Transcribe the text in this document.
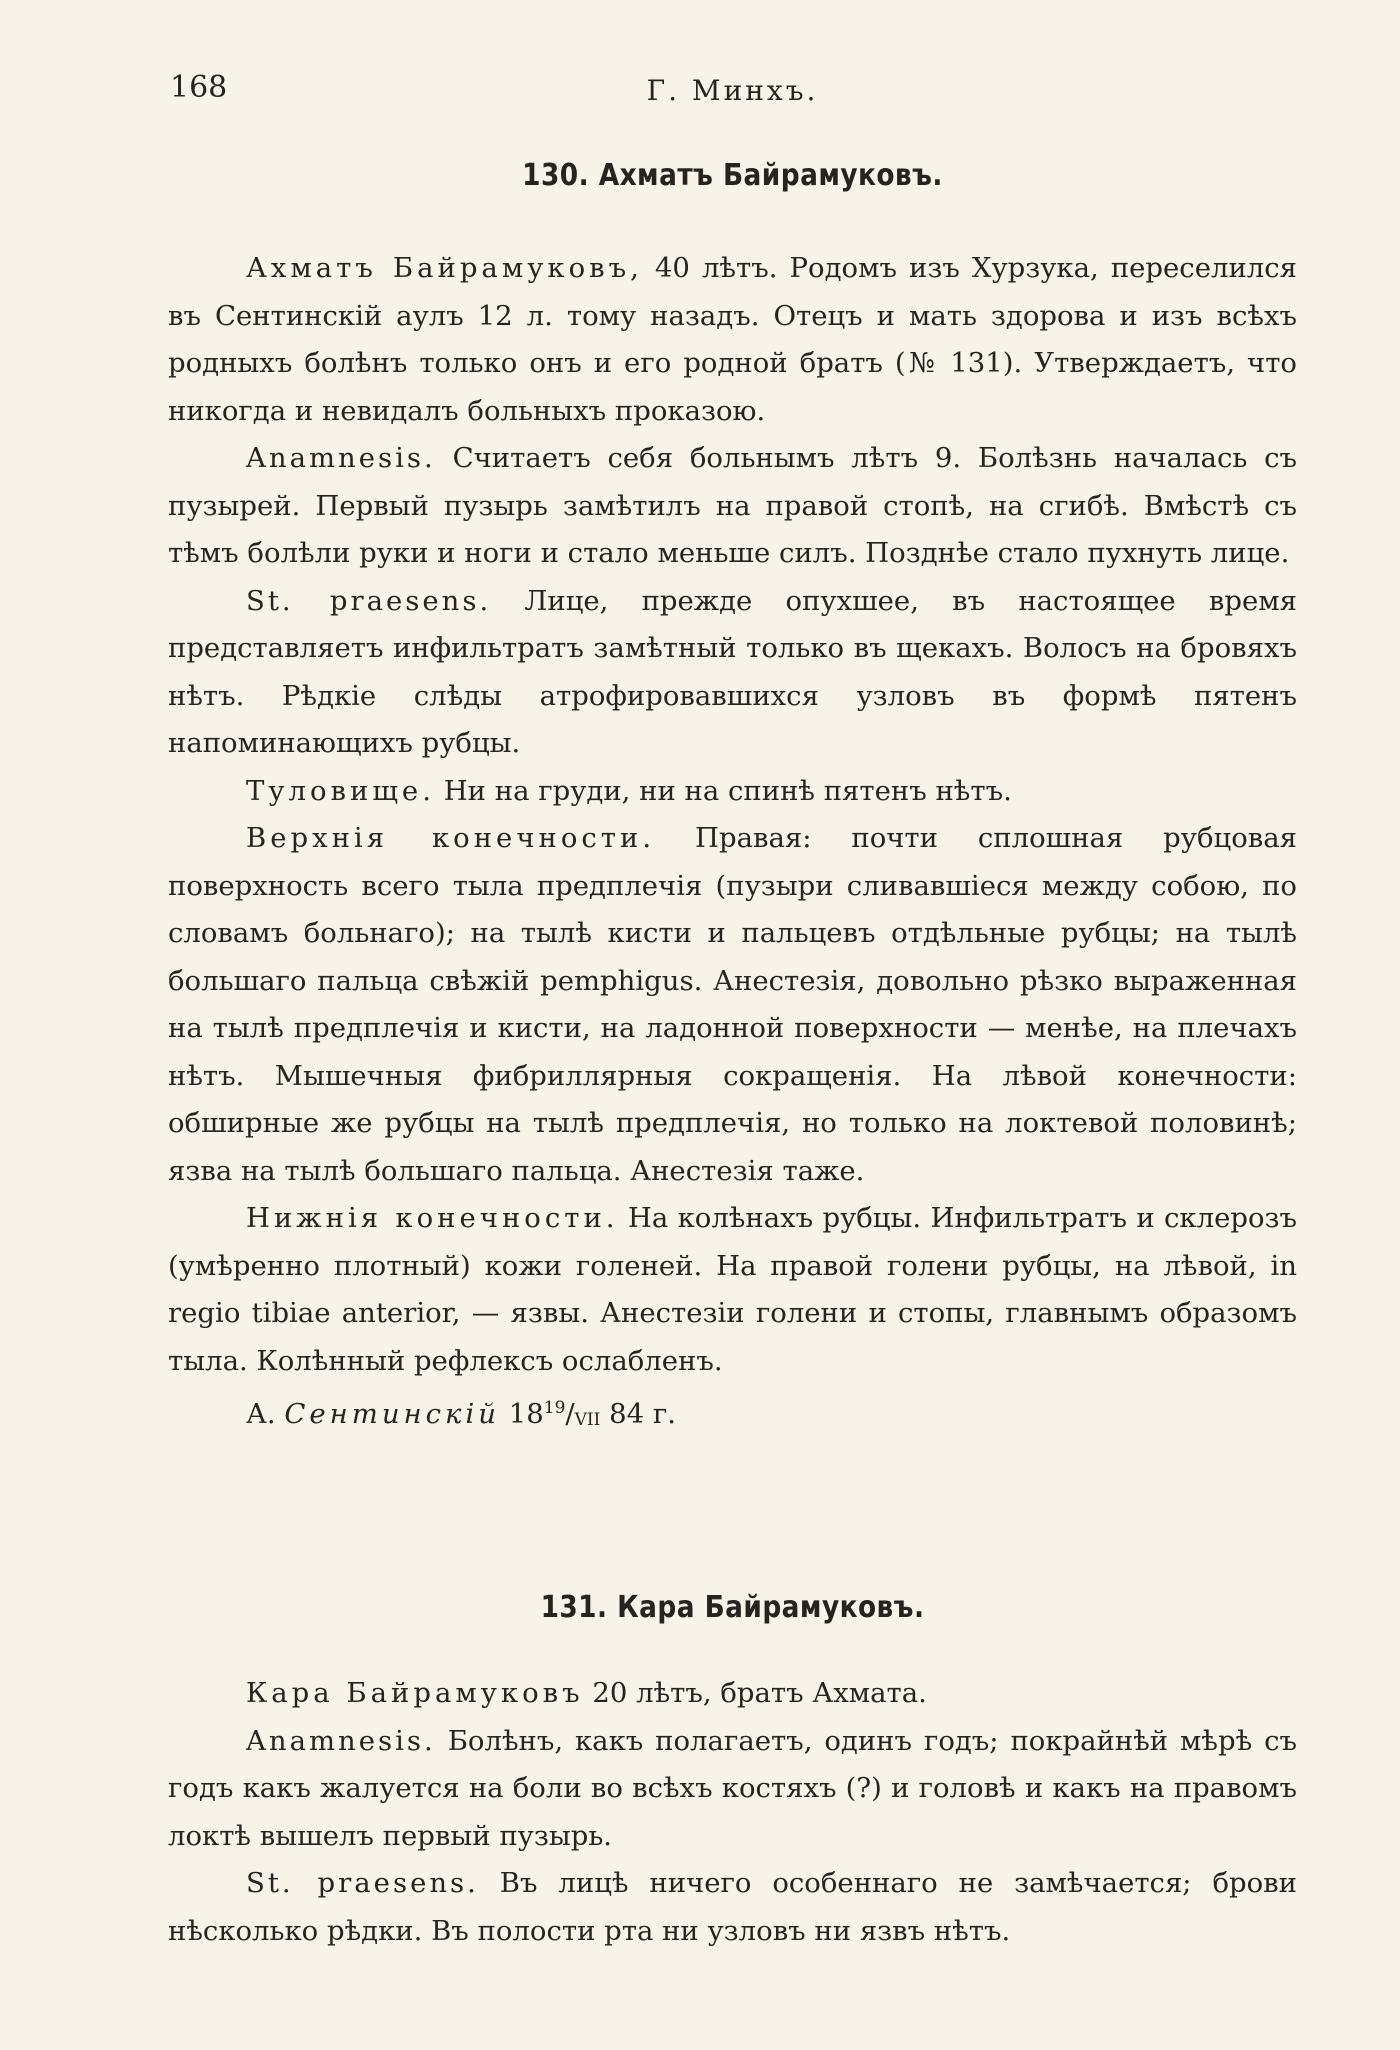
168	Г. Минхъ.
130. Ахматъ Байрамуковъ.

Ахматъ Байрамуковъ, 40 лѣтъ. Родомъ изъ Хурзука, переселился въ Сентинскій аулъ 12 л. тому назадъ. Отецъ и мать здорова и изъ всѣхъ родныхъ болѣнъ только онъ и его родной братъ (№ 131). Утверждаетъ, что никогда и невидалъ больныхъ проказою.

Anamnesis. Считаетъ себя больнымъ лѣтъ 9. Болѣзнь началась съ пузырей. Первый пузырь замѣтилъ на правой стопѣ, на сгибѣ. Вмѣстѣ съ тѣмъ болѣли руки и ноги и стало меньше силъ. Позднѣе стало пухнуть лице.

St. praesens. Лице, прежде опухшее, въ настоящее время представляетъ инфильтратъ замѣтный только въ щекахъ. Волосъ на бровяхъ нѣтъ. Рѣдкіе слѣды атрофировавшихся узловъ въ формѣ пятенъ напоминающихъ рубцы.

Туловище. Ни на груди, ни на спинѣ пятенъ нѣтъ.

Верхнія конечности. Правая: почти сплошная рубцовая поверхность всего тыла предплечія (пузыри сливавшіеся между собою, по словамъ больнаго); на тылѣ кисти и пальцевъ отдѣльные рубцы; на тылѣ большаго пальца свѣжій pemphigus. Анестезія, довольно рѣзко выраженная на тылѣ предплечія и кисти, на ладонной поверхности — менѣе, на плечахъ нѣтъ. Мышечныя фибриллярныя сокращенія. На лѣвой конечности: обширные же рубцы на тылѣ предплечія, но только на локтевой половинѣ; язва на тылѣ большаго пальца. Анестезія таже.

Нижнія конечности. На колѣнахъ рубцы. Инфильтратъ и склерозъ (умѣренно плотный) кожи голеней. На правой голени рубцы, на лѣвой, in regio tibiae anterior, — язвы. Анестезіи голени и стопы, главнымъ образомъ тыла. Колѣнный рефлексъ ослабленъ.

А. Сентинскій $18^{19}/_{VII}$ 84 г.

131. Кара Байрамуковъ.

Кара Байрамуковъ 20 лѣтъ, братъ Ахмата.

Anamnesis. Болѣнъ, какъ полагаетъ, одинъ годъ; покрайнѣй мѣрѣ съ годъ какъ жалуется на боли во всѣхъ костяхъ (?) и головѣ и какъ на правомъ локтѣ вышелъ первый пузырь.

St. praesens. Въ лицѣ ничего особеннаго не замѣчается; брови нѣсколько рѣдки. Въ полости рта ни узловъ ни язвъ нѣтъ.
